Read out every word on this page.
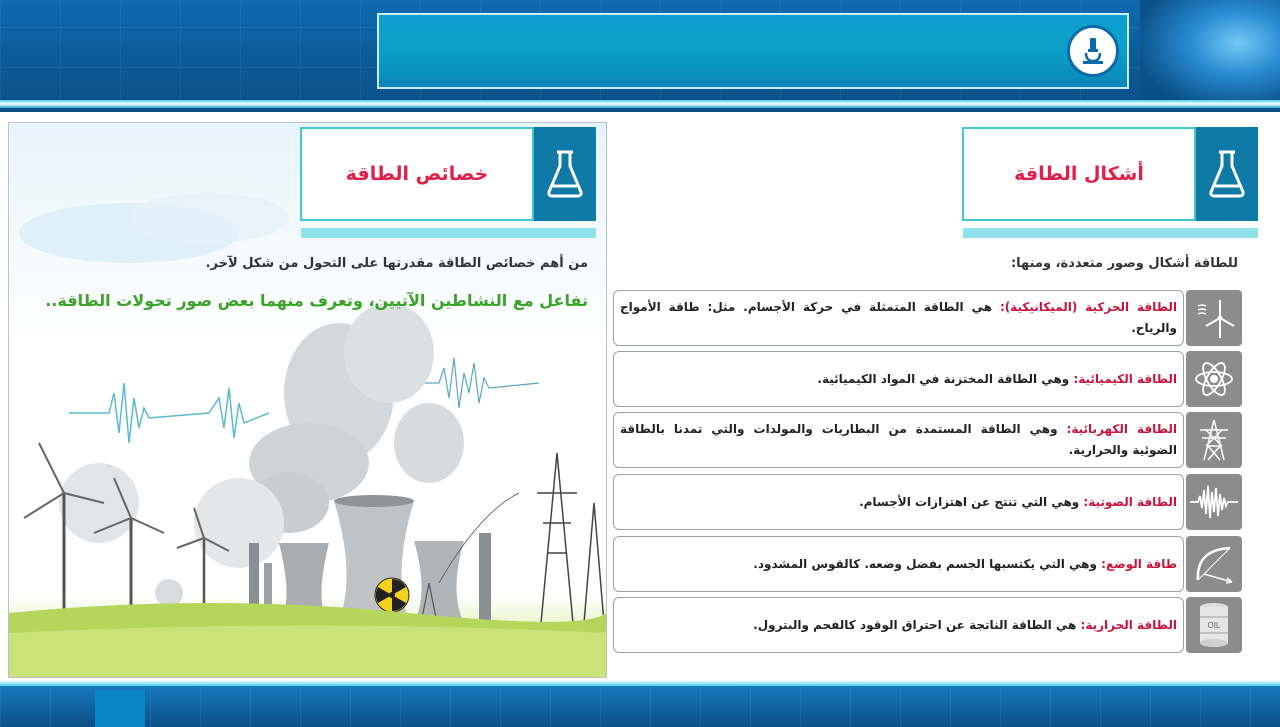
أشكال الطاقة
للطاقة أشكال وصور متعددة، ومنها:

الطاقة الحركية (الميكانيكية): هي الطاقة المتمثلة في حركة الأجسام. مثل: طاقة الأمواج والرياح.

الطاقة الكيميائية: وهي الطاقة المختزنة في المواد الكيميائية.

الطاقة الكهربائية: وهي الطاقة المستمدة من البطاريات والمولدات والتي تمدنا بالطاقة الضوئية والحرارية.

الطاقة الصوتية: وهي التي تنتج عن اهتزازات الأجسام.

طاقة الوضع: وهي التي يكتسبها الجسم بفضل وضعه. كالقوس المشدود.

OIL

الطاقة الحرارية: هي الطاقة الناتجة عن احتراق الوقود كالفحم والبترول.

خصائص الطاقة
من أهم خصائص الطاقة مقدرتها على التحول من شكل لآخر.
تفاعل مع النشاطين الآتيين، وتعرف منهما بعض صور تحولات الطاقة..
